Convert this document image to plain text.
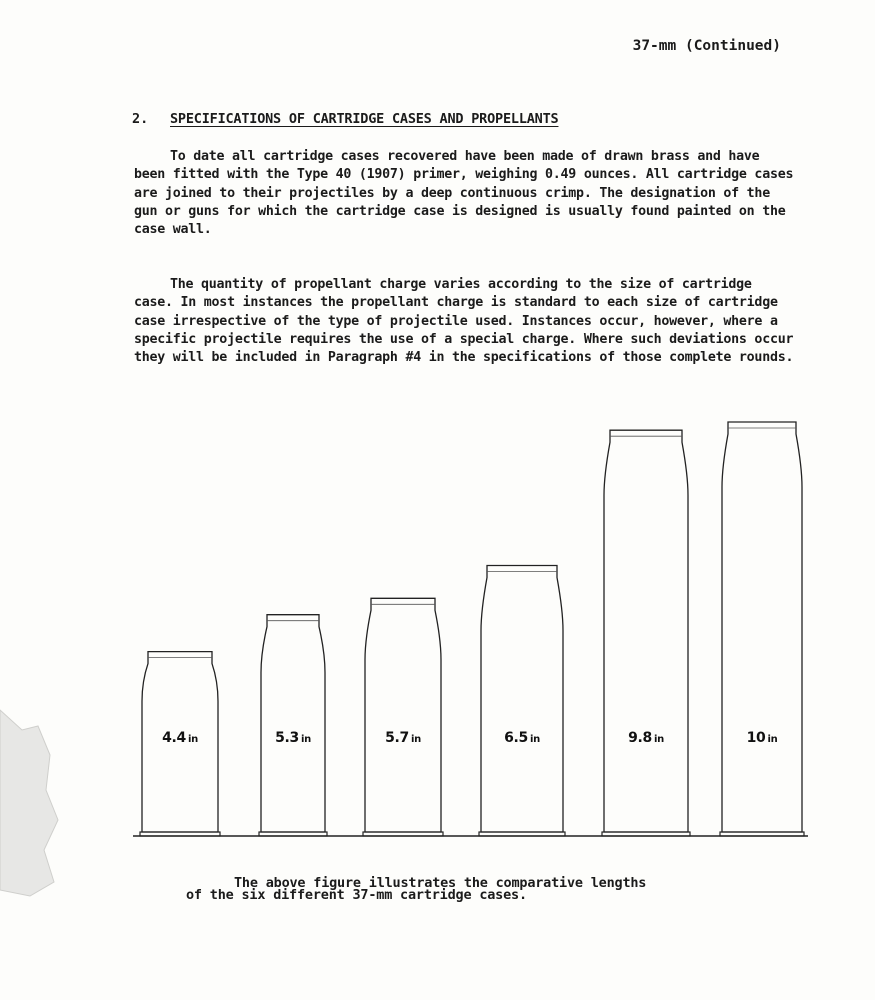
37-mm (Continued)
2. SPECIFICATIONS OF CARTRIDGE CASES AND PROPELLANTS

To date all cartridge cases recovered have been made of drawn brass and have been fitted with the Type 40 (1907) primer, weighing 0.49 ounces. All cartridge cases are joined to their projectiles by a deep continuous crimp. The designation of the gun or guns for which the cartridge case is designed is usually found painted on the case wall.

The quantity of propellant charge varies according to the size of cartridge case. In most instances the propellant charge is standard to each size of cartridge case irrespective of the type of projectile used. Instances occur, however, where a specific projectile requires the use of a special charge. Where such deviations occur they will be included in Paragraph #4 in the specifications of those complete rounds.

4.4 in	5.3 in	5.7 in	6.5 in	9.8 in	10 in
The above figure illustrates the comparative lengths
of the six different 37-mm cartridge cases.
